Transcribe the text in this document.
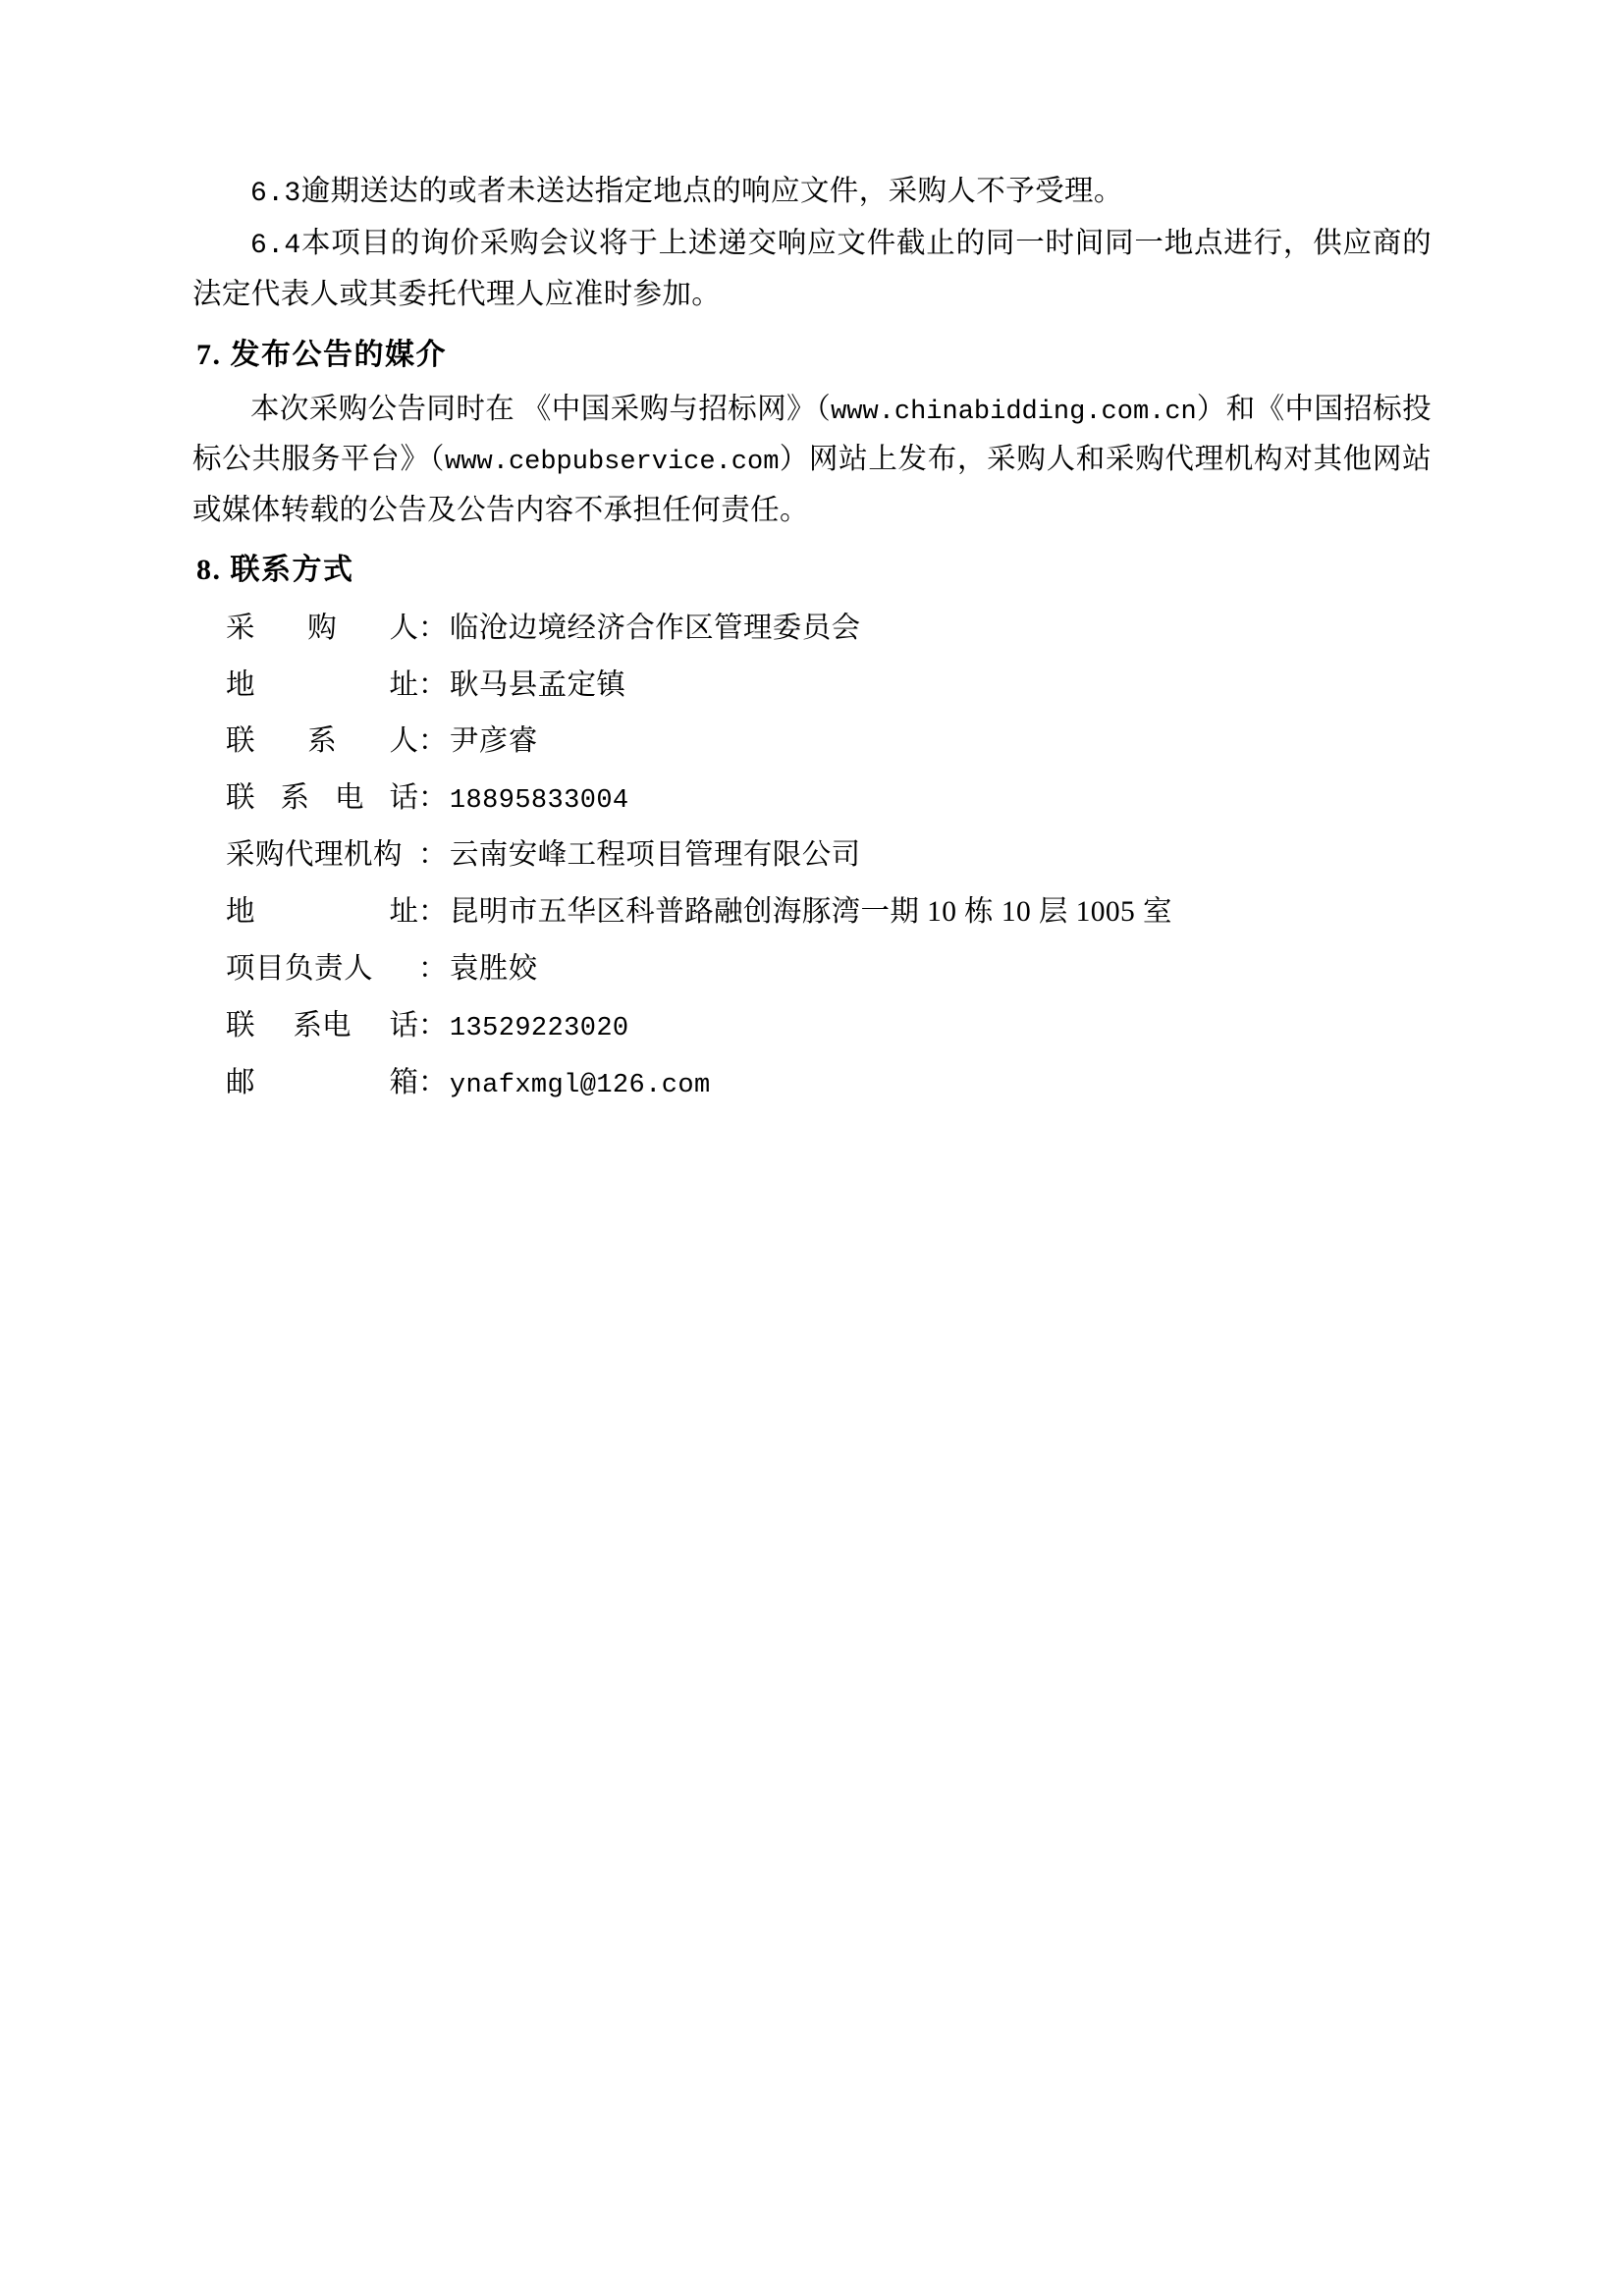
6.3逾期送达的或者未送达指定地点的响应文件，采购人不予受理。

6.4本项目的询价采购会议将于上述递交响应文件截止的同一时间同一地点进行，供应商的法定代表人或其委托代理人应准时参加。

7. 发布公告的媒介

本次采购公告同时在 《中国采购与招标网》（www.chinabidding.com.cn）和《中国招标投标公共服务平台》（www.cebpubservice.com）网站上发布，采购人和采购代理机构对其他网站或媒体转载的公告及公告内容不承担任何责任。

8. 联系方式

采 购 人 ： 临沧边境经济合作区管理委员会
地	址 ： 耿马县孟定镇
联 系 人 ： 尹彦睿
联 系 电 话 ： 18895833004
采购代理机构 ： 云南安峰工程项目管理有限公司
地	址 ： 昆明市五华区科普路融创海豚湾一期 10 栋 10 层 1005 室
项 目 负 责 人 ： 袁胜姣
联 系电 话 ： 13529223020
邮	箱 ： ynafxmgl@126.com
